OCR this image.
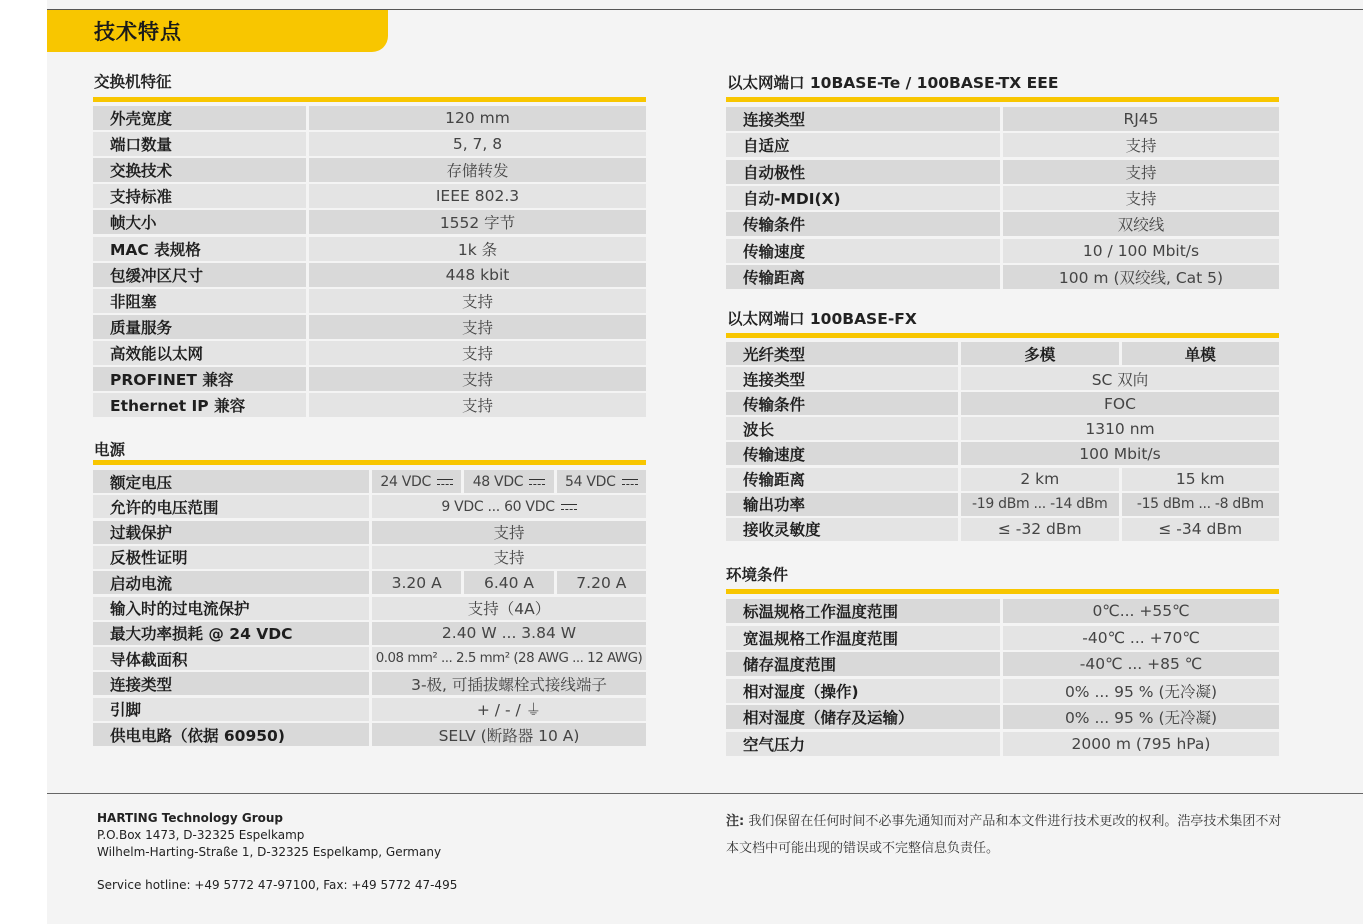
技术特点
交换机特征
外壳宽度	120 mm
端口数量	5, 7, 8
交换技术	存储转发
支持标准	IEEE 802.3
帧大小	1552 字节
MAC 表规格	1k 条
包缓冲区尺寸	448 kbit
非阻塞	支持
质量服务	支持
高效能以太网	支持
PROFINET 兼容	支持
Ethernet IP 兼容	支持
电源
额定电压	24 VDC	48 VDC	54 VDC
允许的电压范围	9 VDC ... 60 VDC
过载保护	支持
反极性证明	支持
启动电流	3.20 A	6.40 A	7.20 A
输入时的过电流保护	支持（4A）
最大功率损耗 @ 24 VDC	2.40 W ... 3.84 W
导体截面积	0.08 mm² ... 2.5 mm² (28 AWG ... 12 AWG)
连接类型	3-极, 可插拔螺栓式接线端子
引脚	+ / - / ⏚
供电电路（依据 60950)	SELV (断路器 10 A)
以太网端口 10BASE-Te / 100BASE-TX EEE
连接类型	RJ45
自适应	支持
自动极性	支持
自动-MDI(X)	支持
传输条件	双绞线
传输速度	10 / 100 Mbit/s
传输距离	100 m (双绞线, Cat 5)
以太网端口 100BASE-FX
光纤类型	多模	单模
连接类型	SC 双向
传输条件	FOC
波长	1310 nm
传输速度	100 Mbit/s
传输距离	2 km	15 km
输出功率	-19 dBm ... -14 dBm	-15 dBm ... -8 dBm
接收灵敏度	≤ -32 dBm	≤ -34 dBm
环境条件
标温规格工作温度范围	0℃... +55℃
宽温规格工作温度范围	-40℃ ... +70℃
储存温度范围	-40℃ ... +85 ℃
相对湿度（操作)	0% ... 95 % (无冷凝)
相对湿度（储存及运输）	0% ... 95 % (无冷凝)
空气压力	2000 m (795 hPa)
HARTING Technology Group
P.O.Box 1473, D-32325 Espelkamp
Wilhelm-Harting-Straße 1, D-32325 Espelkamp, Germany
Service hotline: +49 5772 47-97100, Fax: +49 5772 47-495
注: 我们保留在任何时间不必事先通知而对产品和本文件进行技术更改的权利。浩亭技术集团不对本文档中可能出现的错误或不完整信息负责任。
